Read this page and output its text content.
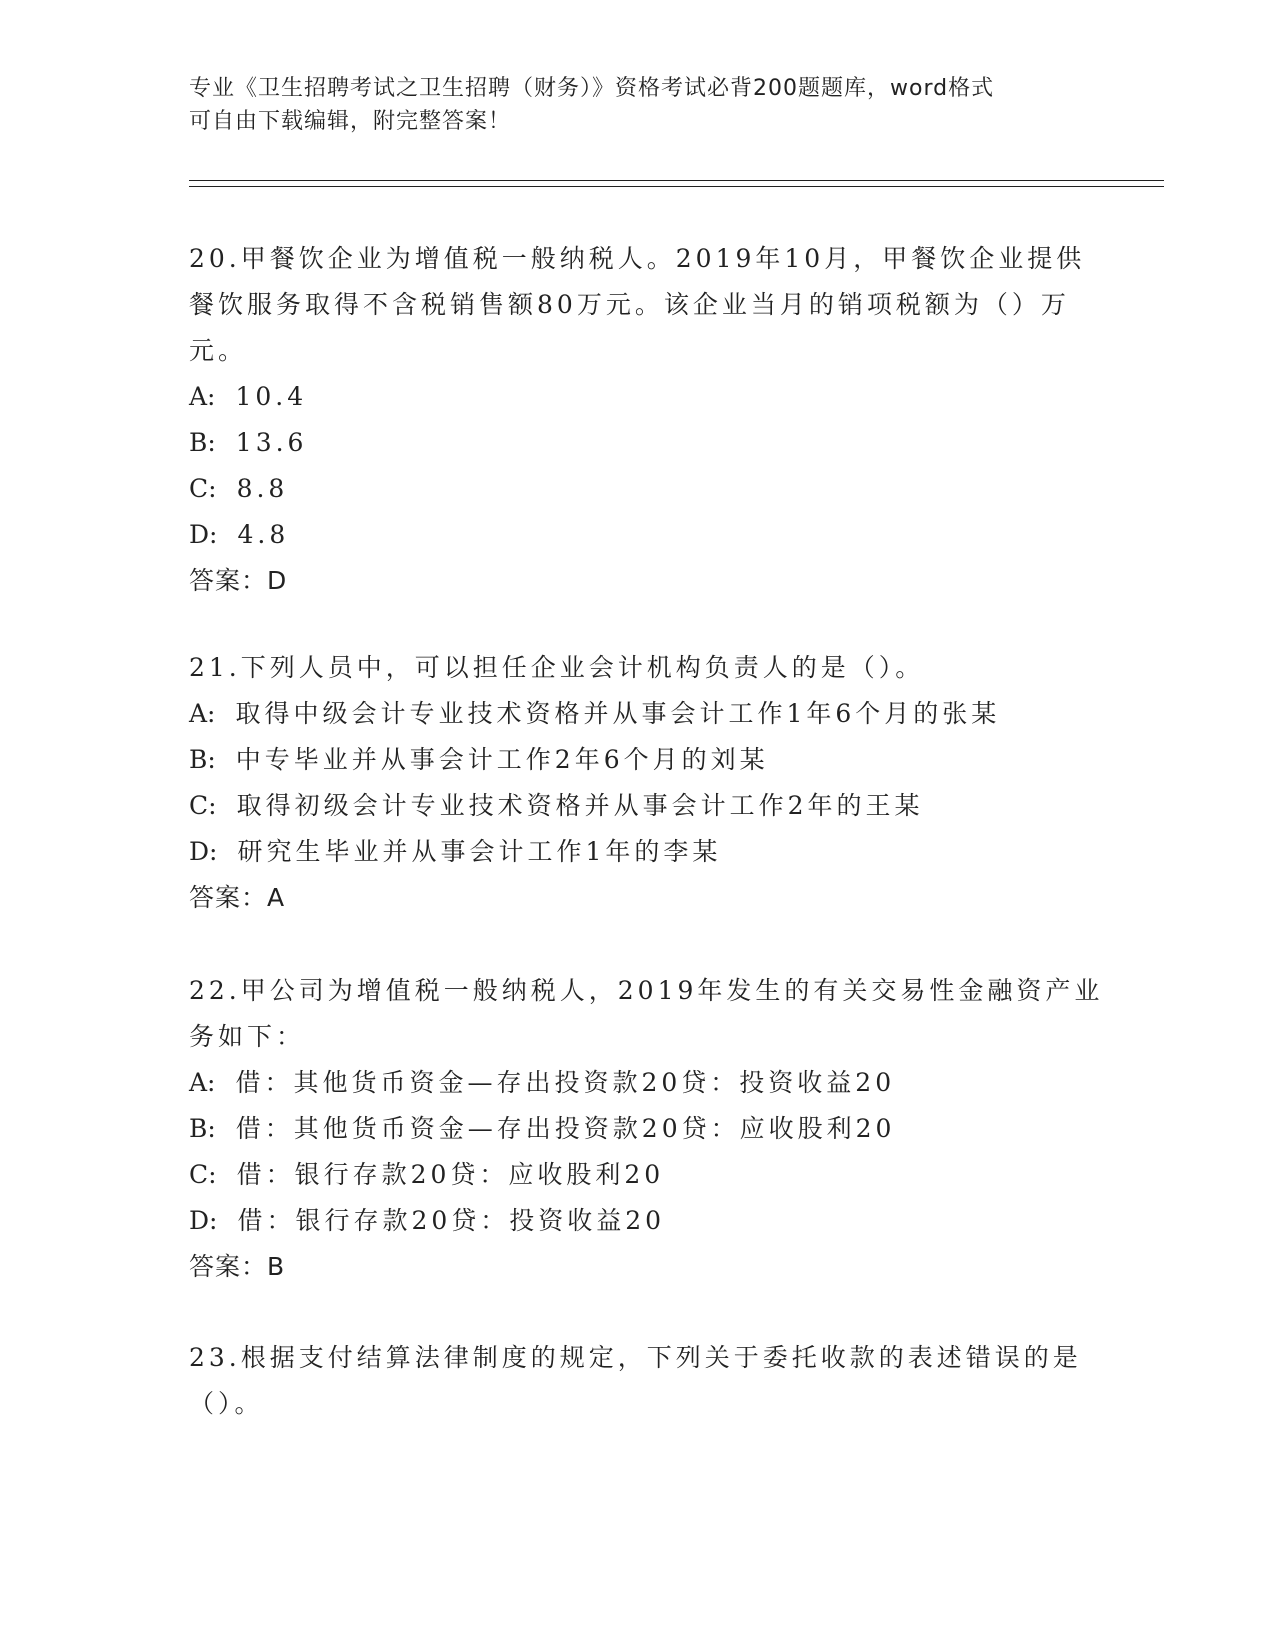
专业《卫生招聘考试之卫生招聘（财务）》资格考试必背200题题库，word格式
可自由下载编辑，附完整答案！
20.甲餐饮企业为增值税一般纳税人。2019年10月，甲餐饮企业提供
餐饮服务取得不含税销售额80万元。该企业当月的销项税额为（）万
元。
A: 10.4
B: 13.6
C: 8.8
D: 4.8
答案：D
21.下列人员中，可以担任企业会计机构负责人的是（）。
A: 取得中级会计专业技术资格并从事会计工作1年6个月的张某
B: 中专毕业并从事会计工作2年6个月的刘某
C: 取得初级会计专业技术资格并从事会计工作2年的王某
D: 研究生毕业并从事会计工作1年的李某
答案：A
22.甲公司为增值税一般纳税人，2019年发生的有关交易性金融资产业
务如下：
A: 借：其他货币资金—存出投资款20贷：投资收益20
B: 借：其他货币资金—存出投资款20贷：应收股利20
C: 借：银行存款20贷：应收股利20
D: 借：银行存款20贷：投资收益20
答案：B
23.根据支付结算法律制度的规定，下列关于委托收款的表述错误的是
（）。
